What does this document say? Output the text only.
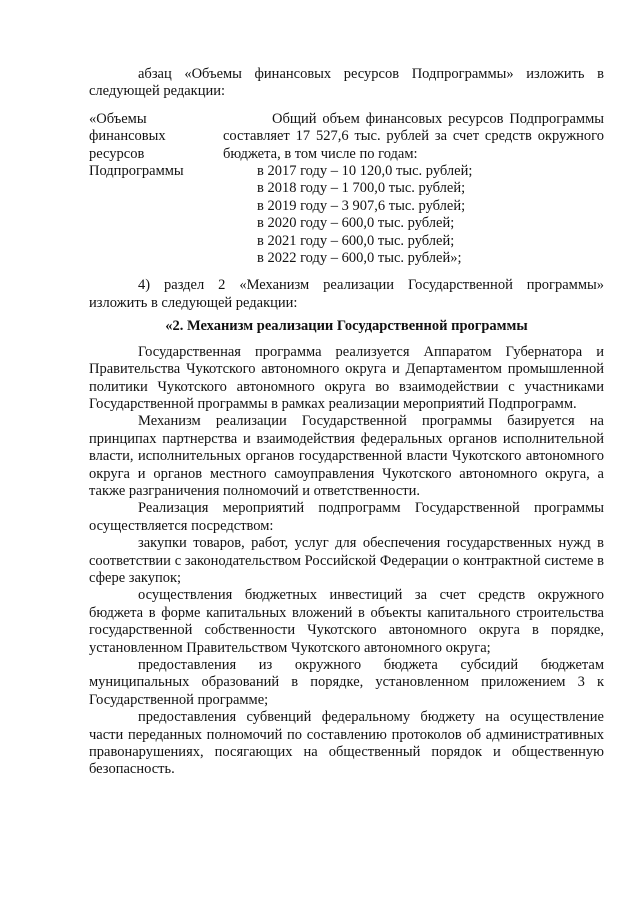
абзац «Объемы финансовых ресурсов Подпрограммы» изложить в следующей редакции:

«Объемы
финансовых
ресурсов
Подпрограммы

Общий объем финансовых ресурсов Подпрограммы составляет 17 527,6 тыс. рублей за счет средств окружного бюджета, в том числе по годам:

в 2017 году – 10 120,0 тыс. рублей;
в 2018 году – 1 700,0 тыс. рублей;
в 2019 году – 3 907,6 тыс. рублей;
в 2020 году – 600,0 тыс. рублей;
в 2021 году – 600,0 тыс. рублей;
в 2022 году – 600,0 тыс. рублей»;

4) раздел 2 «Механизм реализации Государственной программы» изложить в следующей редакции:

«2. Механизм реализации Государственной программы

Государственная программа реализуется Аппаратом Губернатора и Правительства Чукотского автономного округа и Департаментом промышленной политики Чукотского автономного округа во взаимодействии с участниками Государственной программы в рамках реализации мероприятий Подпрограмм.

Механизм реализации Государственной программы базируется на принципах партнерства и взаимодействия федеральных органов исполнительной власти, исполнительных органов государственной власти Чукотского автономного округа и органов местного самоуправления Чукотского автономного округа, а также разграничения полномочий и ответственности.

Реализация мероприятий подпрограмм Государственной программы осуществляется посредством:

закупки товаров, работ, услуг для обеспечения государственных нужд в соответствии с законодательством Российской Федерации о контрактной системе в сфере закупок;

осуществления бюджетных инвестиций за счет средств окружного бюджета в форме капитальных вложений в объекты капитального строительства государственной собственности Чукотского автономного округа в порядке, установленном Правительством Чукотского автономного округа;

предоставления из окружного бюджета субсидий бюджетам муниципальных образований в порядке, установленном приложением 3 к Государственной программе;

предоставления субвенций федеральному бюджету на осуществление части переданных полномочий по составлению протоколов об административных правонарушениях, посягающих на общественный порядок и общественную безопасность.
